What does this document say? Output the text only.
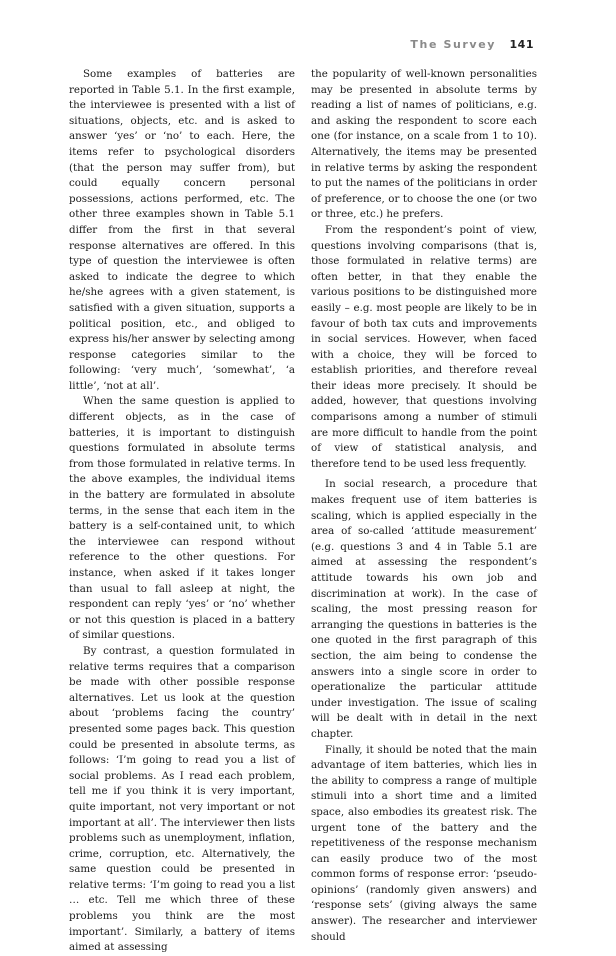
The Survey 141

Some examples of batteries are reported in Table 5.1. In the first example, the interviewee is presented with a list of situations, objects, etc. and is asked to answer ‘yes’ or ‘no’ to each. Here, the items refer to psychological disorders (that the person may suffer from), but could equally concern personal possessions, actions performed, etc. The other three examples shown in Table 5.1 differ from the first in that several response alternatives are offered. In this type of question the interviewee is often asked to indicate the degree to which he/she agrees with a given statement, is satisfied with a given situation, supports a political position, etc., and obliged to express his/her answer by selecting among response categories similar to the following: ‘very much’, ‘somewhat’, ‘a little’, ‘not at all’.

When the same question is applied to different objects, as in the case of batteries, it is important to distinguish questions formulated in absolute terms from those formulated in relative terms. In the above examples, the individual items in the battery are formulated in absolute terms, in the sense that each item in the battery is a self-contained unit, to which the interviewee can respond without reference to the other questions. For instance, when asked if it takes longer than usual to fall asleep at night, the respondent can reply ‘yes’ or ‘no’ whether or not this question is placed in a battery of similar questions.

By contrast, a question formulated in relative terms requires that a comparison be made with other possible response alternatives. Let us look at the question about ‘problems facing the country’ presented some pages back. This question could be presented in absolute terms, as follows: ‘I’m going to read you a list of social problems. As I read each problem, tell me if you think it is very important, quite important, not very important or not important at all’. The interviewer then lists problems such as unemployment, inflation, crime, corruption, etc. Alternatively, the same question could be presented in relative terms: ‘I’m going to read you a list … etc. Tell me which three of these problems you think are the most important’. Similarly, a battery of items aimed at assessing

the popularity of well-known personalities may be presented in absolute terms by reading a list of names of politicians, e.g. and asking the respondent to score each one (for instance, on a scale from 1 to 10). Alternatively, the items may be presented in relative terms by asking the respondent to put the names of the politicians in order of preference, or to choose the one (or two or three, etc.) he prefers.

From the respondent’s point of view, questions involving comparisons (that is, those formulated in relative terms) are often better, in that they enable the various positions to be distinguished more easily – e.g. most people are likely to be in favour of both tax cuts and improvements in social services. However, when faced with a choice, they will be forced to establish priorities, and therefore reveal their ideas more precisely. It should be added, however, that questions involving comparisons among a number of stimuli are more difficult to handle from the point of view of statistical analysis, and therefore tend to be used less frequently.

In social research, a procedure that makes frequent use of item batteries is scaling, which is applied especially in the area of so-called ‘attitude measurement’ (e.g. questions 3 and 4 in Table 5.1 are aimed at assessing the respondent’s attitude towards his own job and discrimination at work). In the case of scaling, the most pressing reason for arranging the questions in batteries is the one quoted in the first paragraph of this section, the aim being to condense the answers into a single score in order to operationalize the particular attitude under investigation. The issue of scaling will be dealt with in detail in the next chapter.

Finally, it should be noted that the main advantage of item batteries, which lies in the ability to compress a range of multiple stimuli into a short time and a limited space, also embodies its greatest risk. The urgent tone of the battery and the repetitiveness of the response mechanism can easily produce two of the most common forms of response error: ‘pseudo-opinions’ (randomly given answers) and ‘response sets’ (giving always the same answer). The researcher and interviewer should
